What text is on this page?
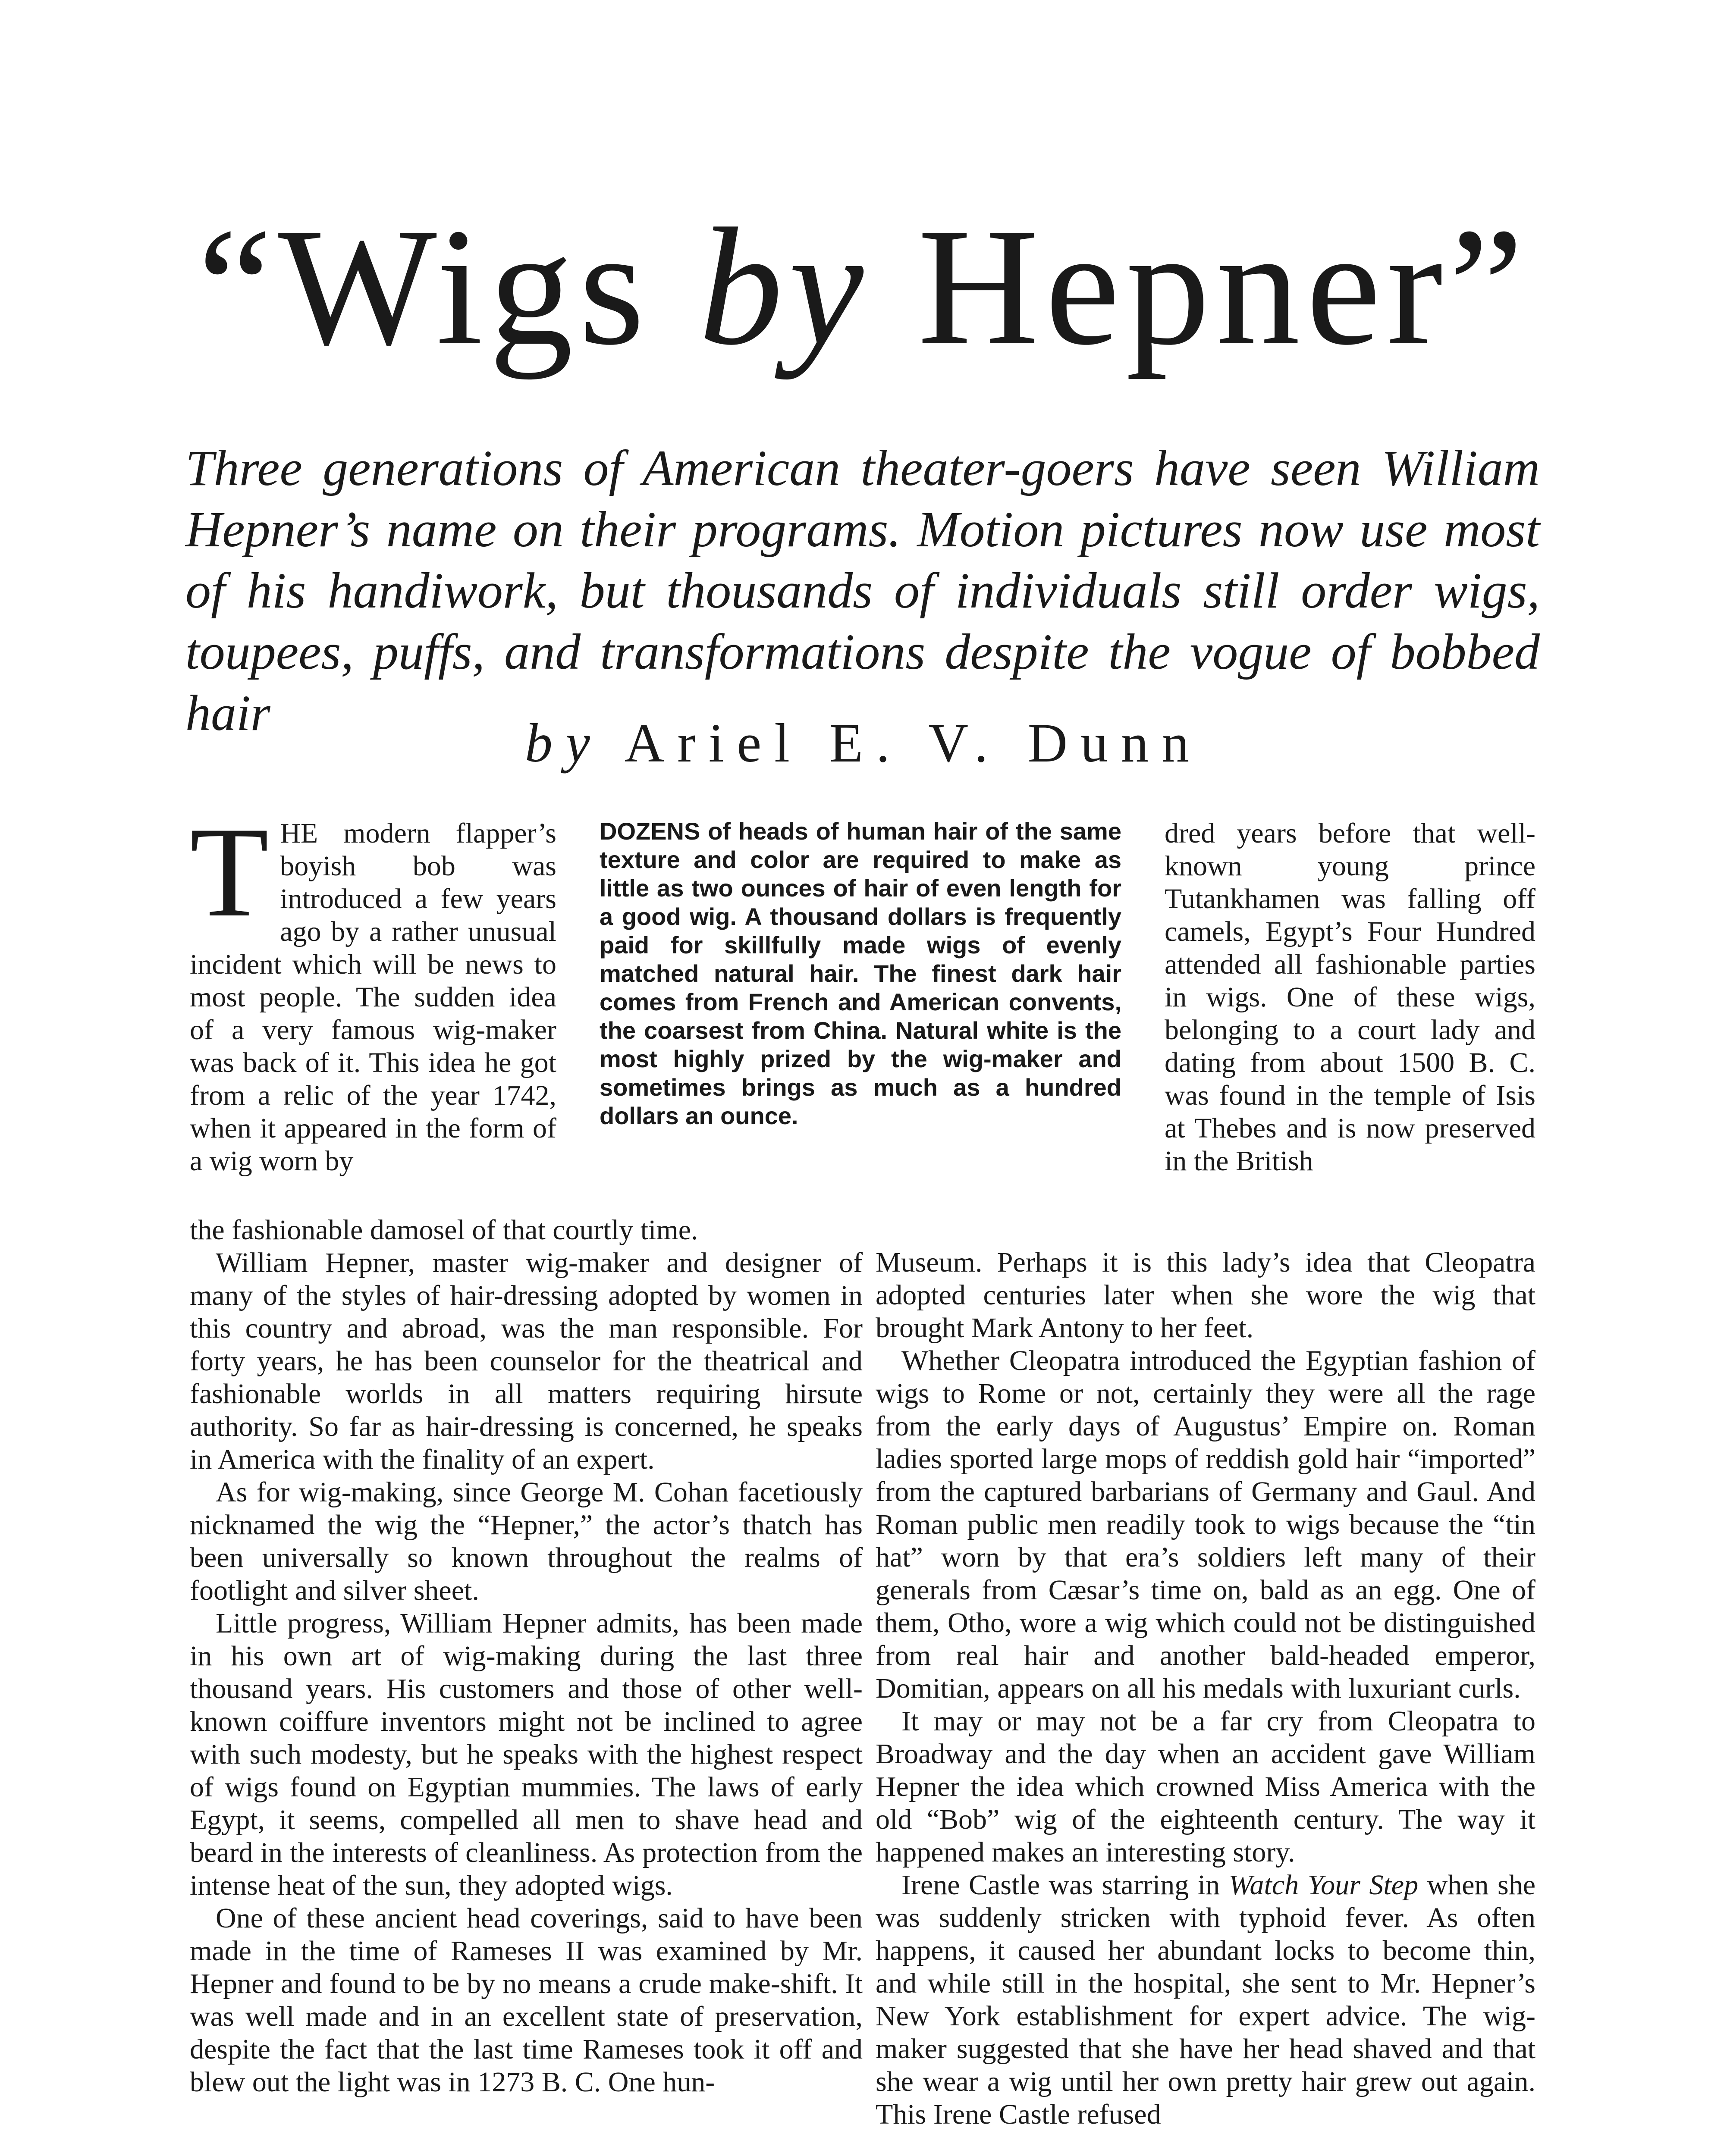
“Wigs by Hepner”
Three generations of American theater-goers have seen William
Hepner’s name on their programs. Motion pictures now use most
of his handiwork, but thousands of individuals still order wigs,
toupees, puffs, and transformations despite the vogue of bobbed hair	by Ariel E. V. Dunn

THE modern flapper’s boyish bob was introduced a few years ago by a rather unusual incident which will be news to most people. The sudden idea of a very famous wig-maker was back of it. This idea he got from a relic of the year 1742, when it appeared in the form of a wig worn by

DOZENS of heads of human hair of the same texture and color are required to make as little as two ounces of hair of even length for a good wig. A thousand dollars is frequently paid for skillfully made wigs of evenly matched natural hair. The finest dark hair comes from French and American convents, the coarsest from China. Natural white is the most highly prized by the wig-maker and sometimes brings as much as a hundred dollars an ounce.

dred years before that well-known young prince Tutankhamen was falling off camels, Egypt’s Four Hundred attended all fashionable parties in wigs. One of these wigs, belonging to a court lady and dating from about 1500 B. C. was found in the temple of Isis at Thebes and is now preserved in the British

the fashionable damosel of that courtly time.

William Hepner, master wig-maker and designer of many of the styles of hair-dressing adopted by women in this country and abroad, was the man responsible. For forty years, he has been counselor for the theatrical and fashionable worlds in all matters requiring hirsute authority. So far as hair-dressing is concerned, he speaks in America with the finality of an expert.

As for wig-making, since George M. Cohan facetiously nicknamed the wig the “Hepner,” the actor’s thatch has been universally so known throughout the realms of footlight and silver sheet.

Little progress, William Hepner admits, has been made in his own art of wig-making during the last three thousand years. His customers and those of other well-known coiffure inventors might not be inclined to agree with such modesty, but he speaks with the highest respect of wigs found on Egyptian mummies. The laws of early Egypt, it seems, compelled all men to shave head and beard in the interests of cleanliness. As protection from the intense heat of the sun, they adopted wigs.

One of these ancient head coverings, said to have been made in the time of Rameses II was examined by Mr. Hepner and found to be by no means a crude make-shift. It was well made and in an excellent state of preservation, despite the fact that the last time Rameses took it off and blew out the light was in 1273 B. C. One hun-

Museum. Perhaps it is this lady’s idea that Cleopatra adopted centuries later when she wore the wig that brought Mark Antony to her feet.

Whether Cleopatra introduced the Egyptian fashion of wigs to Rome or not, certainly they were all the rage from the early days of Augustus’ Empire on. Roman ladies sported large mops of reddish gold hair “imported” from the captured barbarians of Germany and Gaul. And Roman public men readily took to wigs because the “tin hat” worn by that era’s soldiers left many of their generals from Cæsar’s time on, bald as an egg. One of them, Otho, wore a wig which could not be distinguished from real hair and another bald-headed emperor, Domitian, appears on all his medals with luxuriant curls.

It may or may not be a far cry from Cleopatra to Broadway and the day when an accident gave William Hepner the idea which crowned Miss America with the old “Bob” wig of the eighteenth century. The way it happened makes an interesting story.

Irene Castle was starring in Watch Your Step when she was suddenly stricken with typhoid fever. As often happens, it caused her abundant locks to become thin, and while still in the hospital, she sent to Mr. Hepner’s New York establishment for expert advice. The wig-maker suggested that she have her head shaved and that she wear a wig until her own pretty hair grew out again. This Irene Castle refused
